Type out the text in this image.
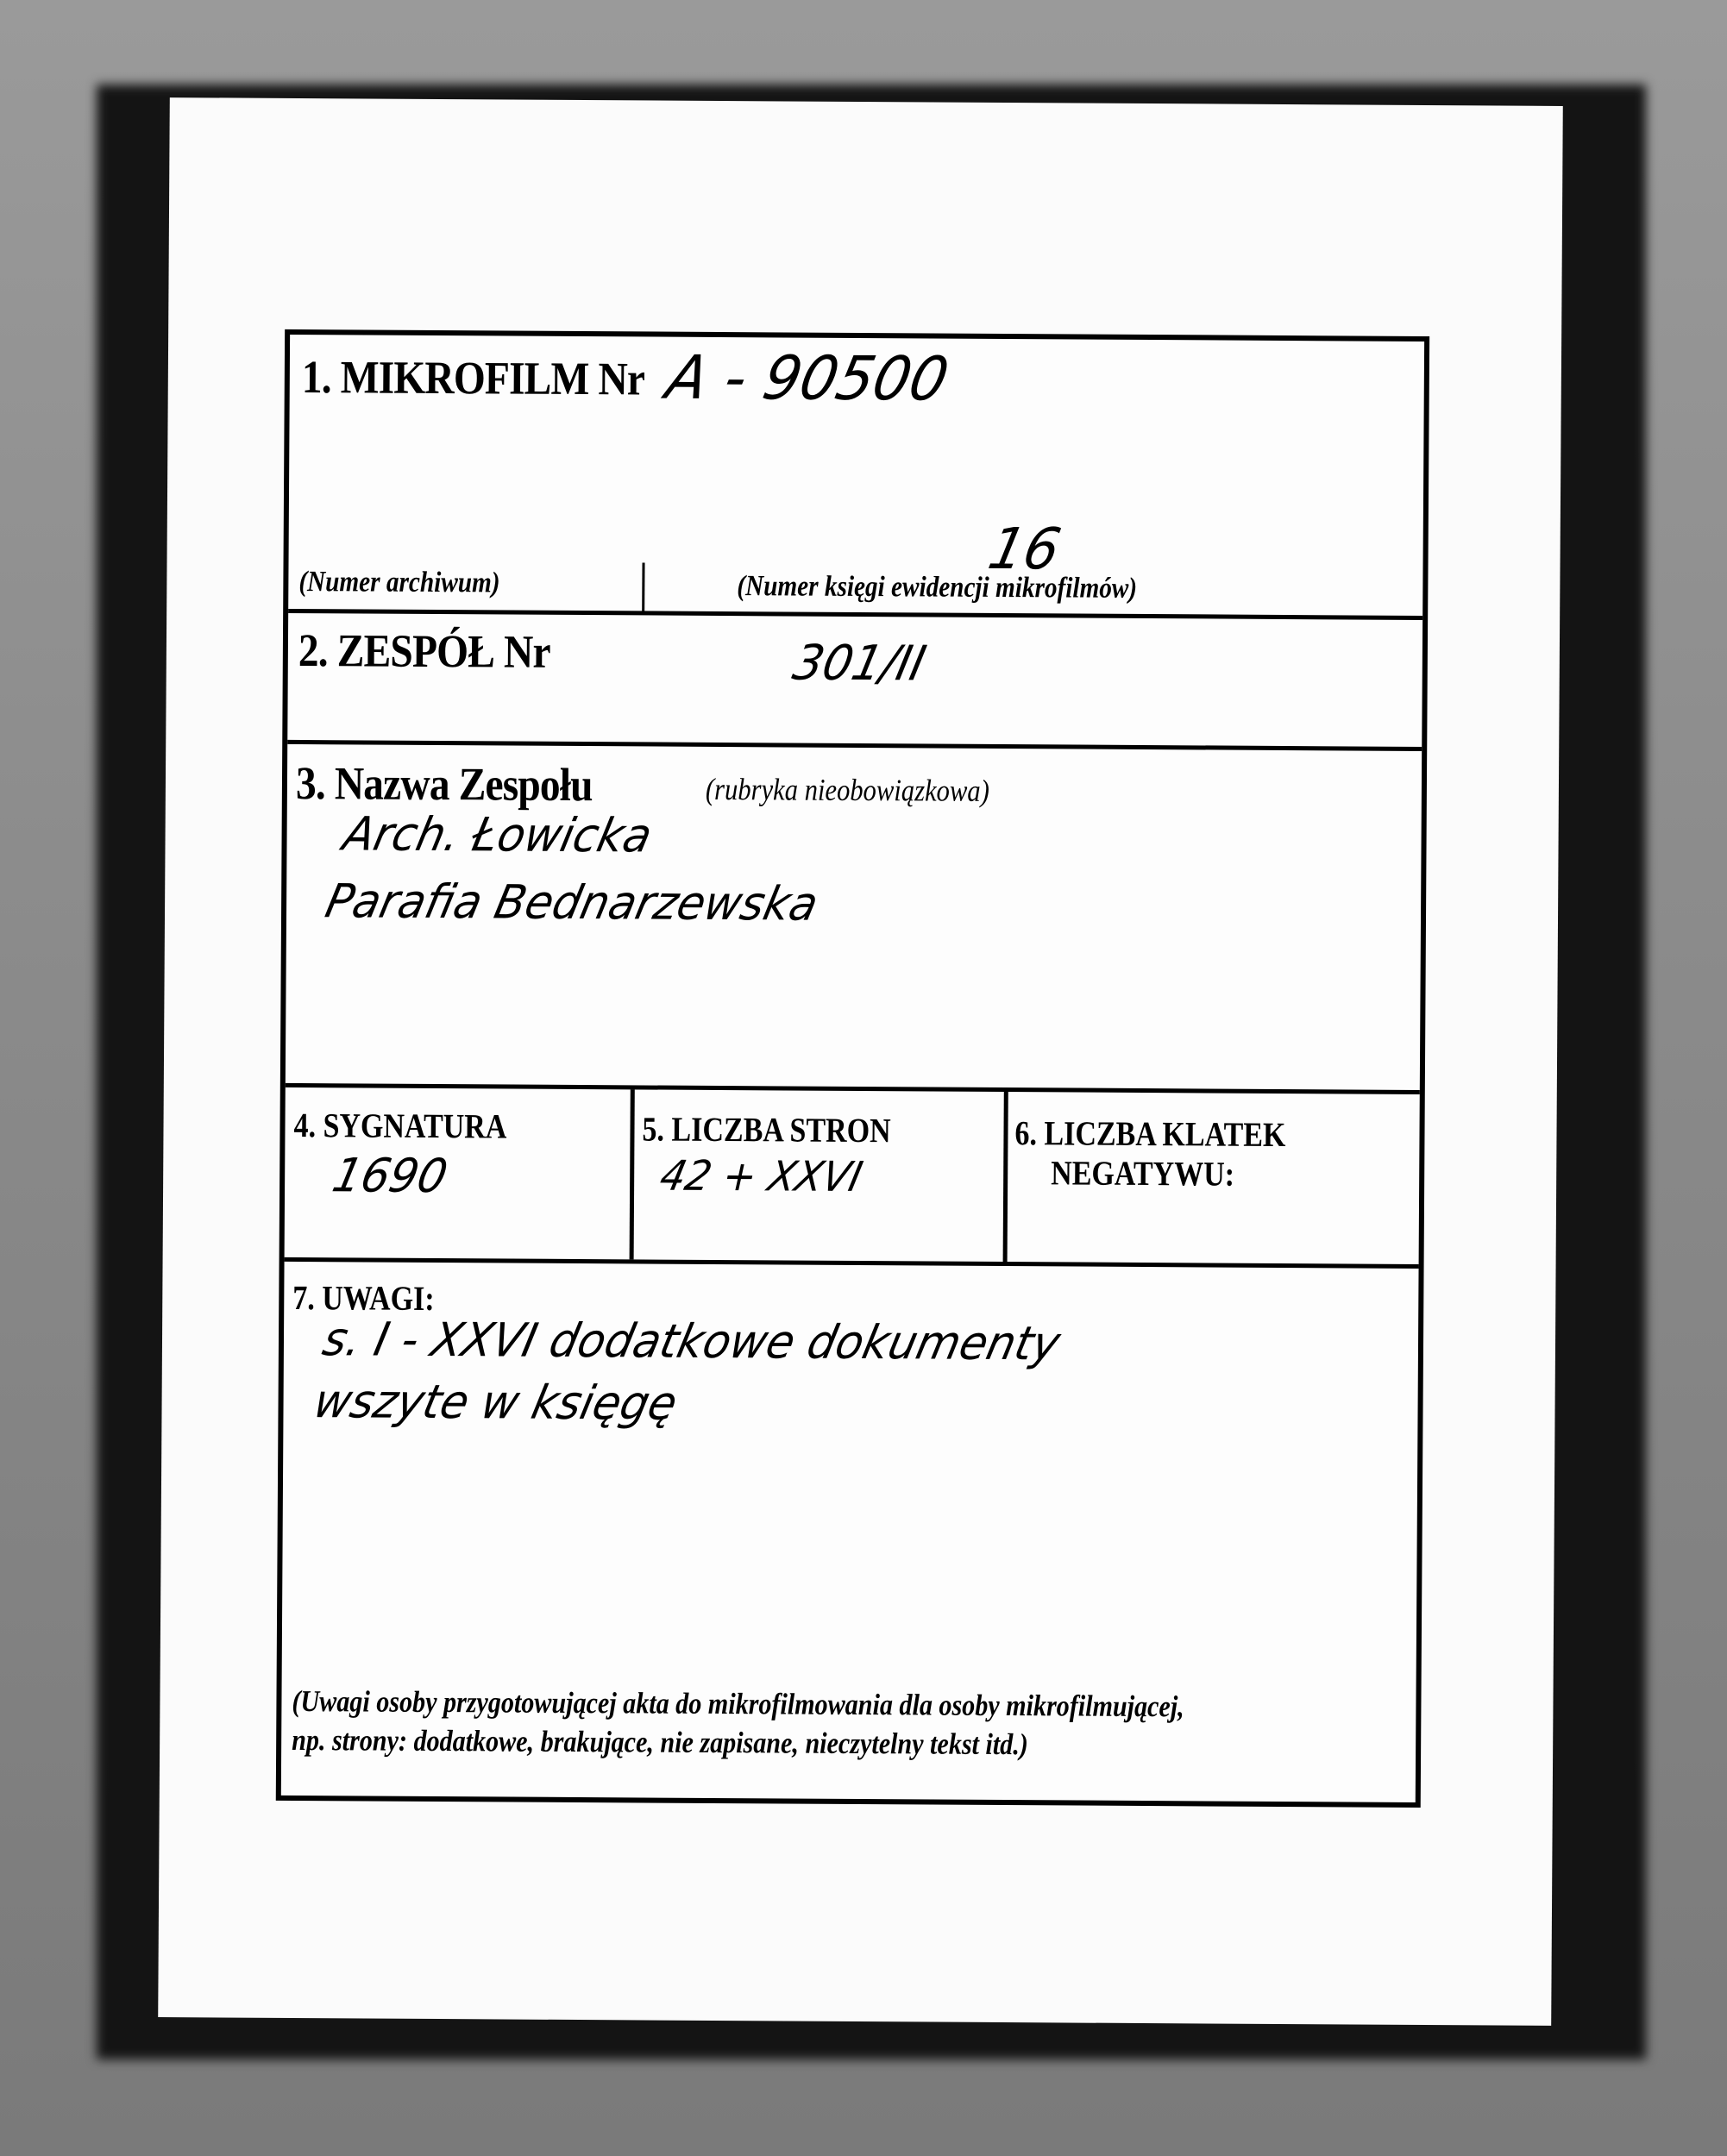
1. MIKROFILM Nr A - 90500
16
(Numer archiwum)	(Numer księgi ewidencji mikrofilmów)
2. ZESPÓŁ Nr	301/II
3. Nazwa Zespołu	(rubryka nieobowiązkowa)
Arch. Łowicka
Parafia Bednarzewska
4. SYGNATURA
1690
5. LICZBA STRON
42 + XXVI
6. LICZBA KLATEK
NEGATYWU:
7. UWAGI:
s. I - XXVI dodatkowe dokumenty
wszyte w księgę
(Uwagi osoby przygotowującej akta do mikrofilmowania dla osoby mikrofilmującej,
np. strony: dodatkowe, brakujące, nie zapisane, nieczytelny tekst itd.)
